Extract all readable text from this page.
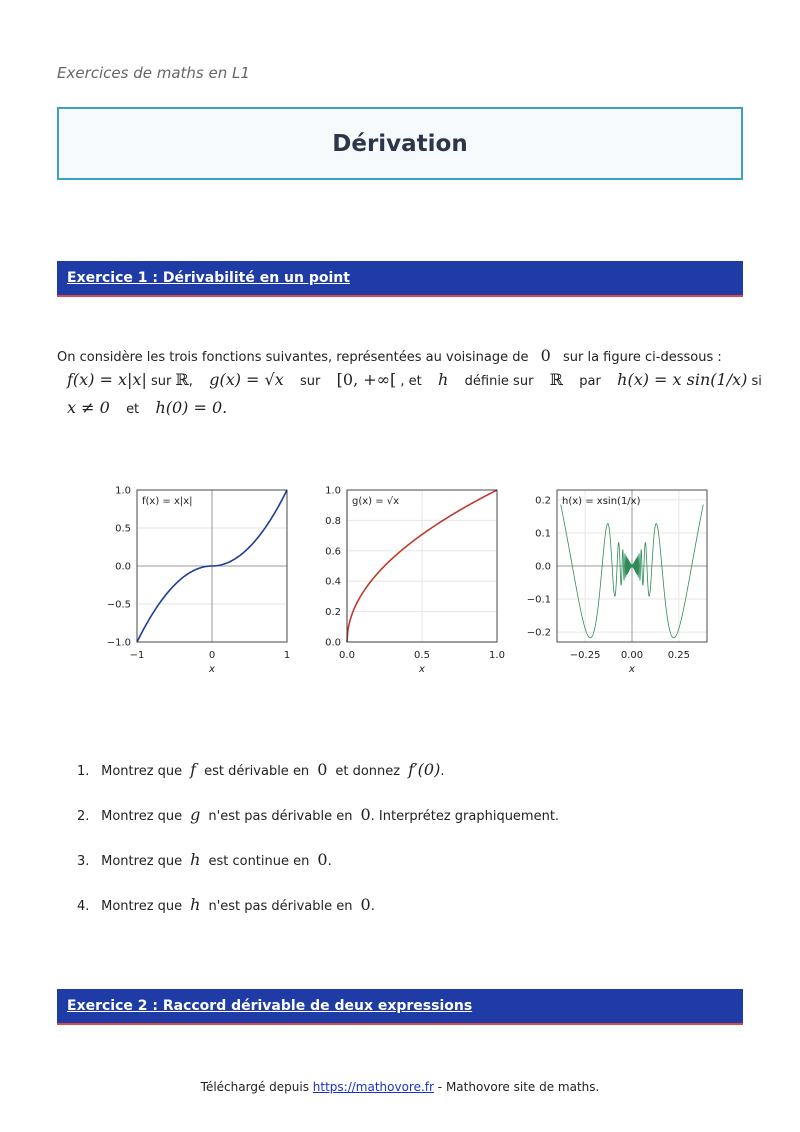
Exercices de maths en L1
Dérivation
Exercice 1 : Dérivabilité en un point
On considère les trois fonctions suivantes, représentées au voisinage de 0 sur la figure ci-dessous :
f(x) = x|x| sur ℝ, g(x) = √x sur [0, +∞[ , et h définie sur ℝ par h(x) = x sin(1/x) si
x ≠ 0 et h(0) = 0.
−1	0	1
−1.0
−0.5
0.0
0.5
1.0
f(x) = x|x|
x
0.0	0.5	1.0
0.0
0.2
0.4
0.6
0.8
1.0
g(x) = √x
x
−0.25 0.00 0.25
−0.2
−0.1
0.0
0.1
0.2 h(x) = xsin(1/x)
x
1. Montrez que f est dérivable en 0 et donnez f′(0).
2. Montrez que g n'est pas dérivable en 0. Interprétez graphiquement.
3. Montrez que h est continue en 0.
4. Montrez que h n'est pas dérivable en 0.
Exercice 2 : Raccord dérivable de deux expressions
Téléchargé depuis https://mathovore.fr - Mathovore site de maths.
